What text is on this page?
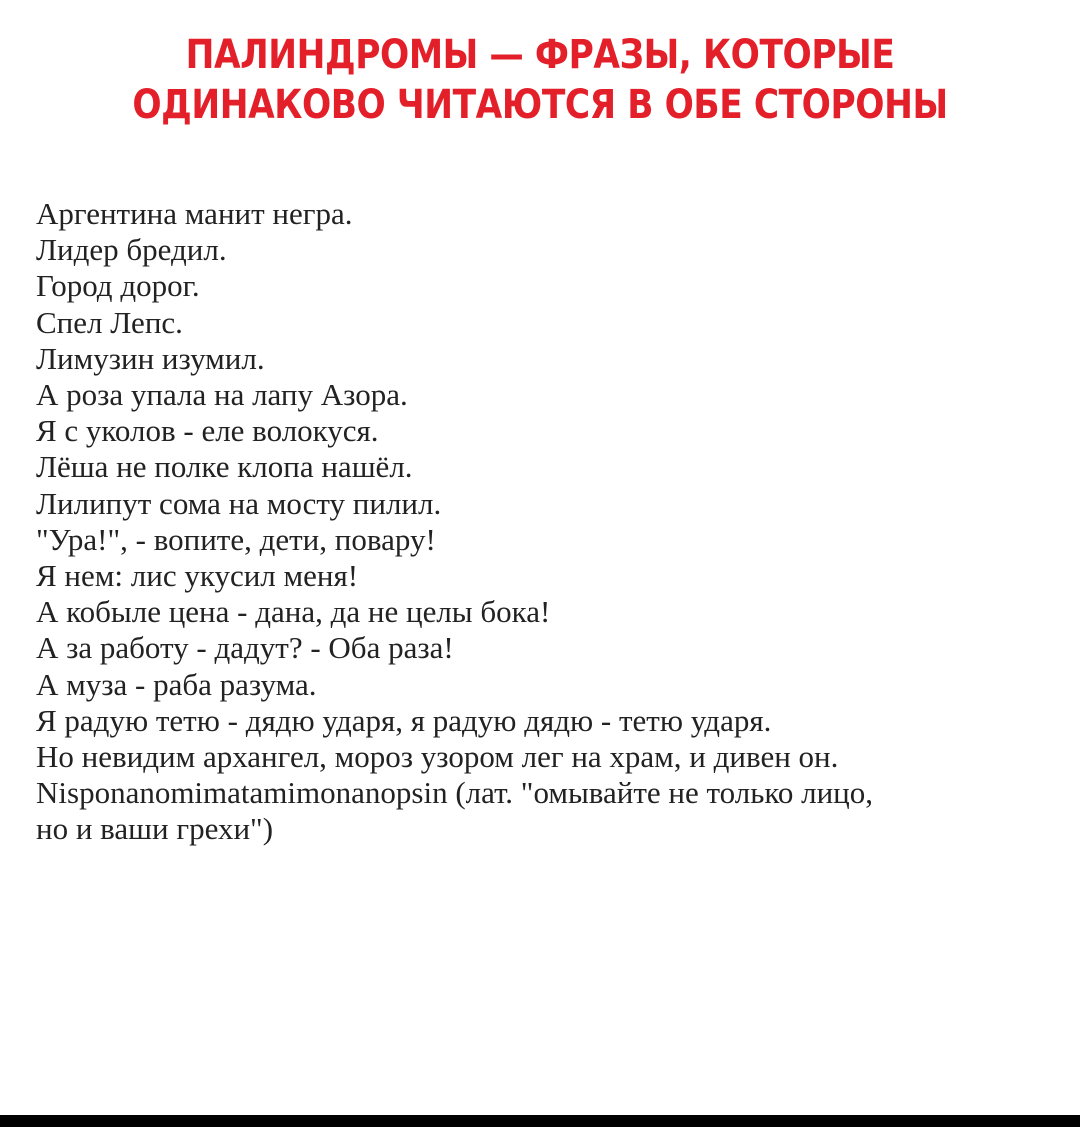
ПАЛИНДРОМЫ — ФРАЗЫ, КОТОРЫЕ
ОДИНАКОВО ЧИТАЮТСЯ В ОБЕ СТОРОНЫ
Аргентина манит негра.
Лидер бредил.
Город дорог.
Спел Лепс.
Лимузин изумил.
А роза упала на лапу Азора.
Я с уколов - еле волокуся.
Лёша не полке клопа нашёл.
Лилипут сома на мосту пилил.
"Ура!", - вопите, дети, повару!
Я нем: лис укусил меня!
А кобыле цена - дана, да не целы бока!
А за работу - дадут? - Оба раза!
А муза - раба разума.
Я радую тетю - дядю ударя, я радую дядю - тетю ударя.
Но невидим архангел, мороз узором лег на храм, и дивен он.
Nisponanomimatamimonanopsin (лат. "омывайте не только лицо,
но и ваши грехи")
